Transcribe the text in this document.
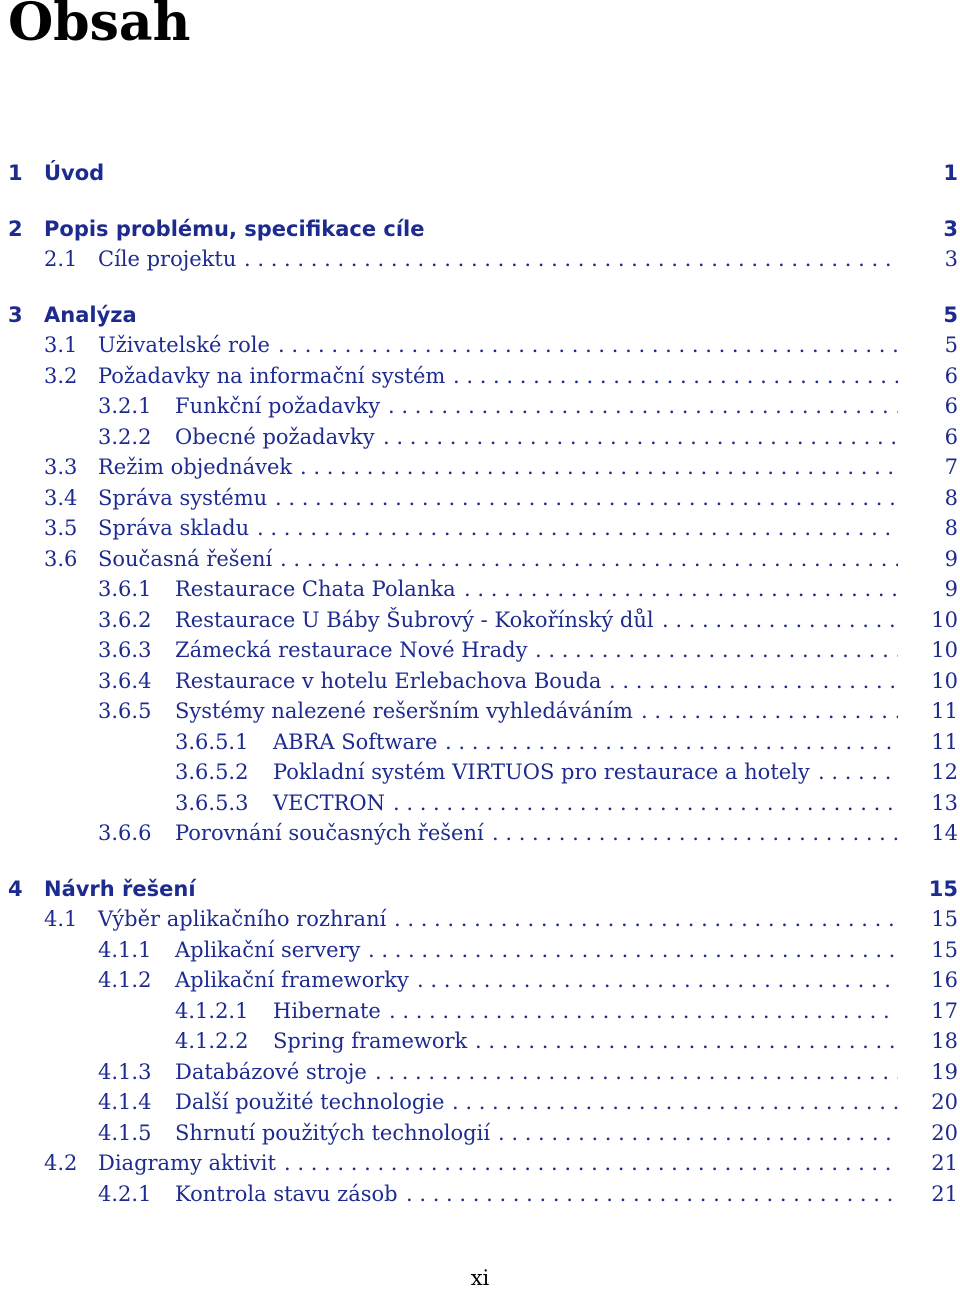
Obsah
1 Úvod	1
2 Popis problému, specifikace cíle	3
2.1 Cíle projektu	3
. . .
3 Analýza	5
3.1 Uživatelské role	5
. . .
3.2 Požadavky na informační systém	6
. . .
3.2.1 Funkční požadavky	6
. . .
3.2.2 Obecné požadavky	6
. . .
3.3 Režim objednávek	7
. . .
3.4 Správa systému	8
. . .
3.5 Správa skladu	8
. . .
3.6 Současná řešení	9
. . .
3.6.1 Restaurace Chata Polanka	9
. . .
3.6.2 Restaurace U Báby Šubrový - Kokořínský důl	10
. . .
3.6.3 Zámecká restaurace Nové Hrady	10
. . .
3.6.4 Restaurace v hotelu Erlebachova Bouda	10
. . .
3.6.5 Systémy nalezené rešeršním vyhledáváním	11
. . .
3.6.5.1 ABRA Software	11
. . .
3.6.5.2 Pokladní systém VIRTUOS pro restaurace a hotely	12
. . .
3.6.5.3 VECTRON	13
. . .
3.6.6 Porovnání současných řešení	14
. . .
4 Návrh řešení	15
4.1 Výběr aplikačního rozhraní	15
. . .
4.1.1 Aplikační servery	15
. . .
4.1.2 Aplikační frameworky	16
. . .
4.1.2.1 Hibernate	17
. . .
4.1.2.2 Spring framework	18
. . .
4.1.3 Databázové stroje	19
. . .
4.1.4 Další použité technologie	20
. . .
4.1.5 Shrnutí použitých technologií	20
. . .
4.2 Diagramy aktivit	21
. . .
4.2.1 Kontrola stavu zásob	21
. . .
xi
